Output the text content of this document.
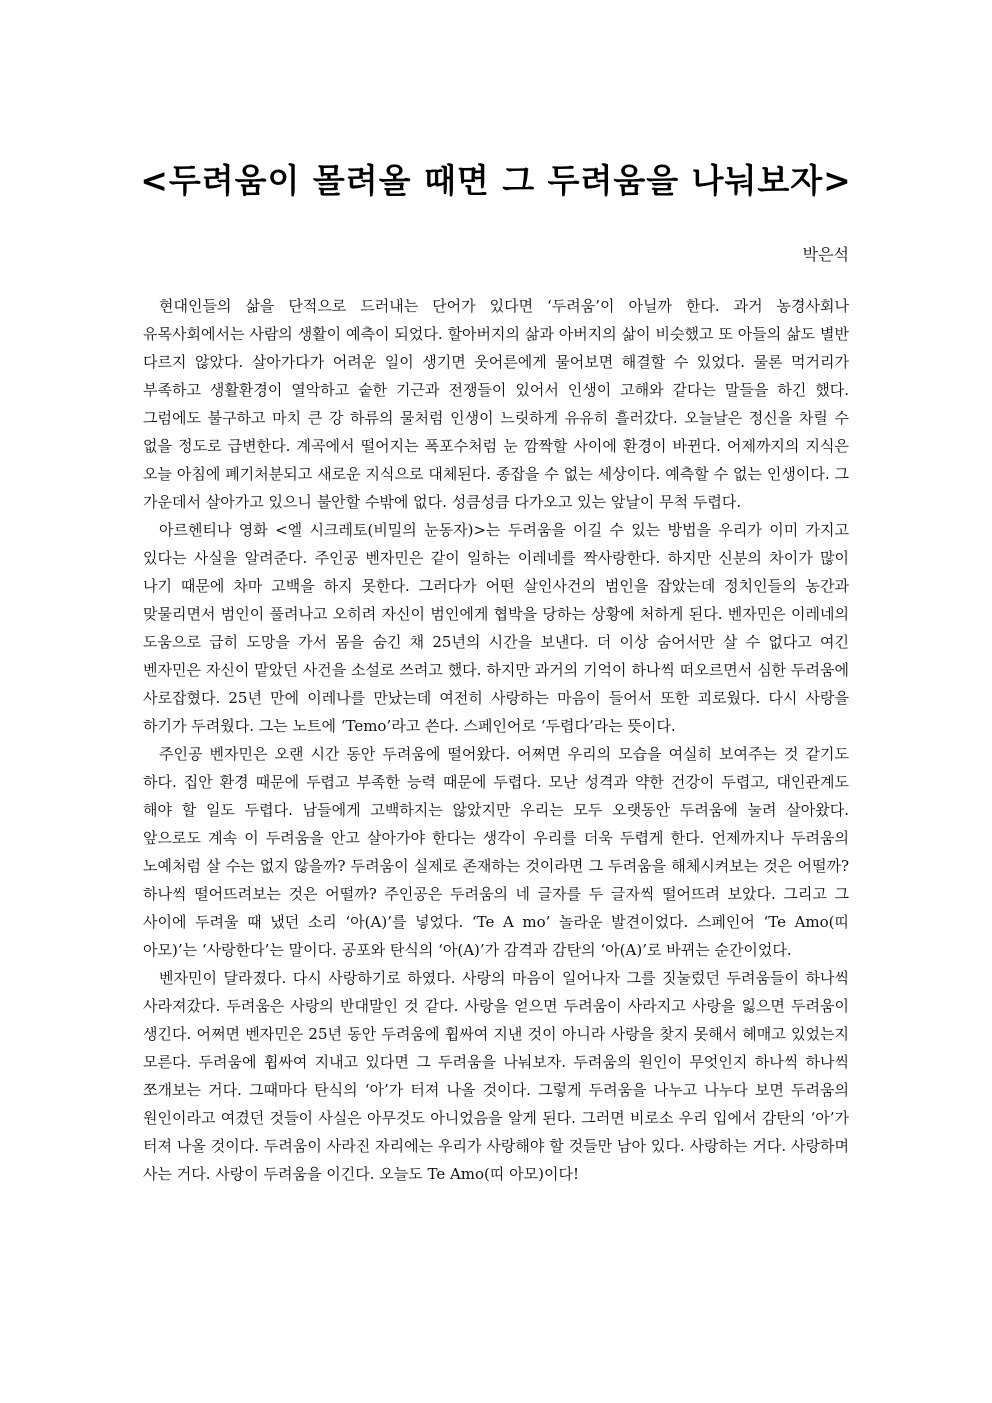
<두려움이 몰려올 때면 그 두려움을 나눠보자>
박은석

현대인들의 삶을 단적으로 드러내는 단어가 있다면 ‘두려움’이 아닐까 한다. 과거 농경사회나 유목사회에서는 사람의 생활이 예측이 되었다. 할아버지의 삶과 아버지의 삶이 비슷했고 또 아들의 삶도 별반 다르지 않았다. 살아가다가 어려운 일이 생기면 웃어른에게 물어보면 해결할 수 있었다. 물론 먹거리가 부족하고 생활환경이 열악하고 숱한 기근과 전쟁들이 있어서 인생이 고해와 같다는 말들을 하긴 했다. 그럼에도 불구하고 마치 큰 강 하류의 물처럼 인생이 느릿하게 유유히 흘러갔다. 오늘날은 정신을 차릴 수 없을 정도로 급변한다. 계곡에서 떨어지는 폭포수처럼 눈 깜짝할 사이에 환경이 바뀐다. 어제까지의 지식은 오늘 아침에 폐기처분되고 새로운 지식으로 대체된다. 종잡을 수 없는 세상이다. 예측할 수 없는 인생이다. 그 가운데서 살아가고 있으니 불안할 수밖에 없다. 성큼성큼 다가오고 있는 앞날이 무척 두렵다.

아르헨티나 영화 <엘 시크레토(비밀의 눈동자)>는 두려움을 이길 수 있는 방법을 우리가 이미 가지고 있다는 사실을 알려준다. 주인공 벤자민은 같이 일하는 이레네를 짝사랑한다. 하지만 신분의 차이가 많이 나기 때문에 차마 고백을 하지 못한다. 그러다가 어떤 살인사건의 범인을 잡았는데 정치인들의 농간과 맞물리면서 범인이 풀려나고 오히려 자신이 범인에게 협박을 당하는 상황에 처하게 된다. 벤자민은 이레네의 도움으로 급히 도망을 가서 몸을 숨긴 채 25년의 시간을 보낸다. 더 이상 숨어서만 살 수 없다고 여긴 벤자민은 자신이 맡았던 사건을 소설로 쓰려고 했다. 하지만 과거의 기억이 하나씩 떠오르면서 심한 두려움에 사로잡혔다. 25년 만에 이레나를 만났는데 여전히 사랑하는 마음이 들어서 또한 괴로웠다. 다시 사랑을 하기가 두려웠다. 그는 노트에 ‘Temo’라고 쓴다. 스페인어로 ‘두렵다’라는 뜻이다.

주인공 벤자민은 오랜 시간 동안 두려움에 떨어왔다. 어쩌면 우리의 모습을 여실히 보여주는 것 같기도 하다. 집안 환경 때문에 두렵고 부족한 능력 때문에 두렵다. 모난 성격과 약한 건강이 두렵고, 대인관계도 해야 할 일도 두렵다. 남들에게 고백하지는 않았지만 우리는 모두 오랫동안 두려움에 눌려 살아왔다. 앞으로도 계속 이 두려움을 안고 살아가야 한다는 생각이 우리를 더욱 두렵게 한다. 언제까지나 두려움의 노예처럼 살 수는 없지 않을까? 두려움이 실제로 존재하는 것이라면 그 두려움을 해체시켜보는 것은 어떨까? 하나씩 떨어뜨려보는 것은 어떨까? 주인공은 두려움의 네 글자를 두 글자씩 떨어뜨려 보았다. 그리고 그 사이에 두려울 때 냈던 소리 ‘아(A)’를 넣었다. ‘Te A mo’ 놀라운 발견이었다. 스페인어 ‘Te Amo(띠 아모)’는 ‘사랑한다’는 말이다. 공포와 탄식의 ‘아(A)’가 감격과 감탄의 ‘아(A)’로 바뀌는 순간이었다.

벤자민이 달라졌다. 다시 사랑하기로 하였다. 사랑의 마음이 일어나자 그를 짓눌렀던 두려움들이 하나씩 사라져갔다. 두려움은 사랑의 반대말인 것 같다. 사랑을 얻으면 두려움이 사라지고 사랑을 잃으면 두려움이 생긴다. 어쩌면 벤자민은 25년 동안 두려움에 휩싸여 지낸 것이 아니라 사랑을 찾지 못해서 헤매고 있었는지 모른다. 두려움에 휩싸여 지내고 있다면 그 두려움을 나눠보자. 두려움의 원인이 무엇인지 하나씩 하나씩 쪼개보는 거다. 그때마다 탄식의 ‘아’가 터져 나올 것이다. 그렇게 두려움을 나누고 나누다 보면 두려움의 원인이라고 여겼던 것들이 사실은 아무것도 아니었음을 알게 된다. 그러면 비로소 우리 입에서 감탄의 ‘아’가 터져 나올 것이다. 두려움이 사라진 자리에는 우리가 사랑해야 할 것들만 남아 있다. 사랑하는 거다. 사랑하며 사는 거다. 사랑이 두려움을 이긴다. 오늘도 Te Amo(띠 아모)이다!
